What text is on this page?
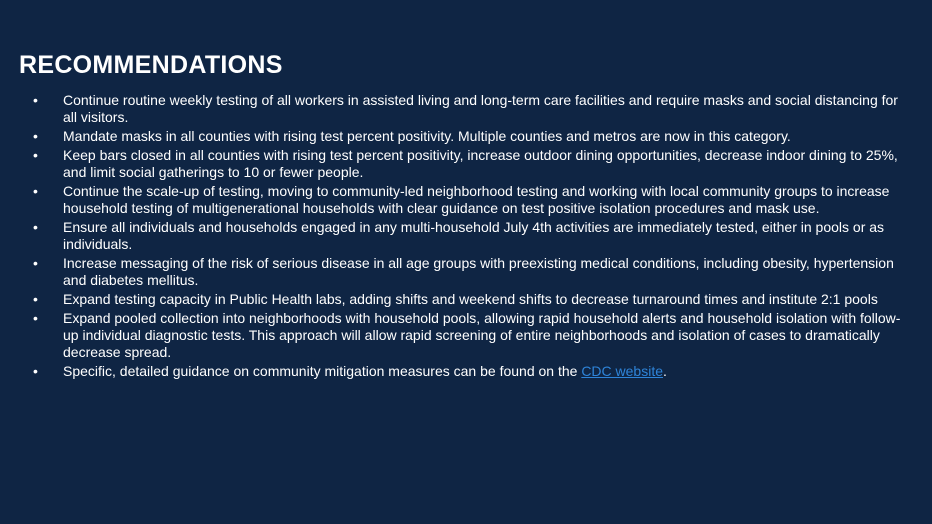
RECOMMENDATIONS
• Continue routine weekly testing of all workers in assisted living and long-term care facilities and require masks and social distancing for all visitors.
• Mandate masks in all counties with rising test percent positivity. Multiple counties and metros are now in this category.
• Keep bars closed in all counties with rising test percent positivity, increase outdoor dining opportunities, decrease indoor dining to 25%, and limit social gatherings to 10 or fewer people.
• Continue the scale-up of testing, moving to community-led neighborhood testing and working with local community groups to increase household testing of multigenerational households with clear guidance on test positive isolation procedures and mask use.
• Ensure all individuals and households engaged in any multi-household July 4th activities are immediately tested, either in pools or as individuals.
• Increase messaging of the risk of serious disease in all age groups with preexisting medical conditions, including obesity, hypertension and diabetes mellitus.
• Expand testing capacity in Public Health labs, adding shifts and weekend shifts to decrease turnaround times and institute 2:1 pools
• Expand pooled collection into neighborhoods with household pools, allowing rapid household alerts and household isolation with follow-up individual diagnostic tests. This approach will allow rapid screening of entire neighborhoods and isolation of cases to dramatically decrease spread.
• Specific, detailed guidance on community mitigation measures can be found on the CDC website.
